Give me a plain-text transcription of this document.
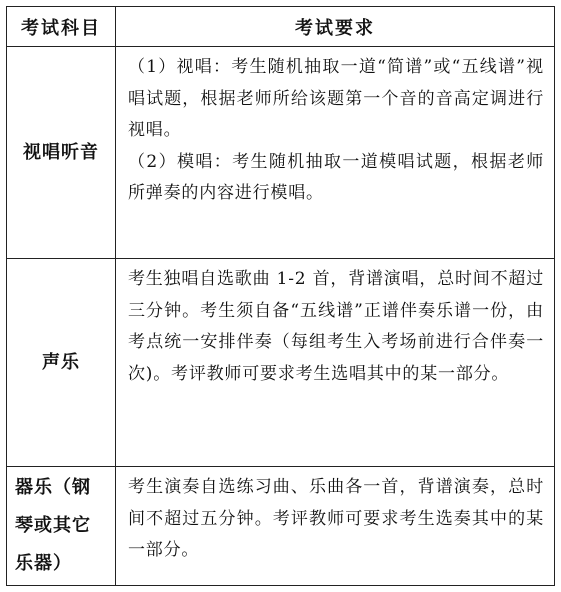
考试科目	考试要求
视唱听音
（1）视唱：考生随机抽取一道“简谱”或“五线谱”视唱试题，根据老师所给该题第一个音的音高定调进行视唱。
（2）模唱：考生随机抽取一道模唱试题，根据老师所弹奏的内容进行模唱。
声乐
考生独唱自选歌曲 1-2 首，背谱演唱，总时间不超过三分钟。考生须自备“五线谱”正谱伴奏乐谱一份，由考点统一安排伴奏（每组考生入考场前进行合伴奏一次)。考评教师可要求考生选唱其中的某一部分。
器乐（钢
琴或其它
乐器）
考生演奏自选练习曲、乐曲各一首，背谱演奏，总时间不超过五分钟。考评教师可要求考生选奏其中的某一部分。
